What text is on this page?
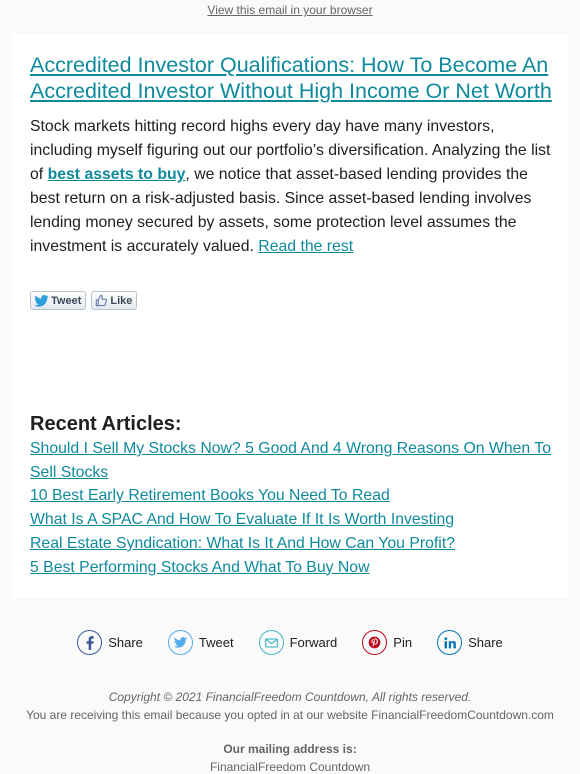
View this email in your browser
Accredited Investor Qualifications: How To Become An Accredited Investor Without High Income Or Net Worth

Stock markets hitting record highs every day have many investors, including myself figuring out our portfolio’s diversification. Analyzing the list of best assets to buy, we notice that asset-based lending provides the best return on a risk-adjusted basis. Since asset-based lending involves lending money secured by assets, some protection level assumes the investment is accurately valued. Read the rest

Tweet	Like
Recent Articles:
Should I Sell My Stocks Now? 5 Good And 4 Wrong Reasons On When To Sell Stocks
10 Best Early Retirement Books You Need To Read
What Is A SPAC And How To Evaluate If It Is Worth Investing
Real Estate Syndication: What Is It And How Can You Profit?
5 Best Performing Stocks And What To Buy Now
Share	Tweet	Forward	Pin	Share
Copyright © 2021 FinancialFreedom Countdown, All rights reserved.
You are receiving this email because you opted in at our website FinancialFreedomCountdown.com
Our mailing address is:
FinancialFreedom Countdown
